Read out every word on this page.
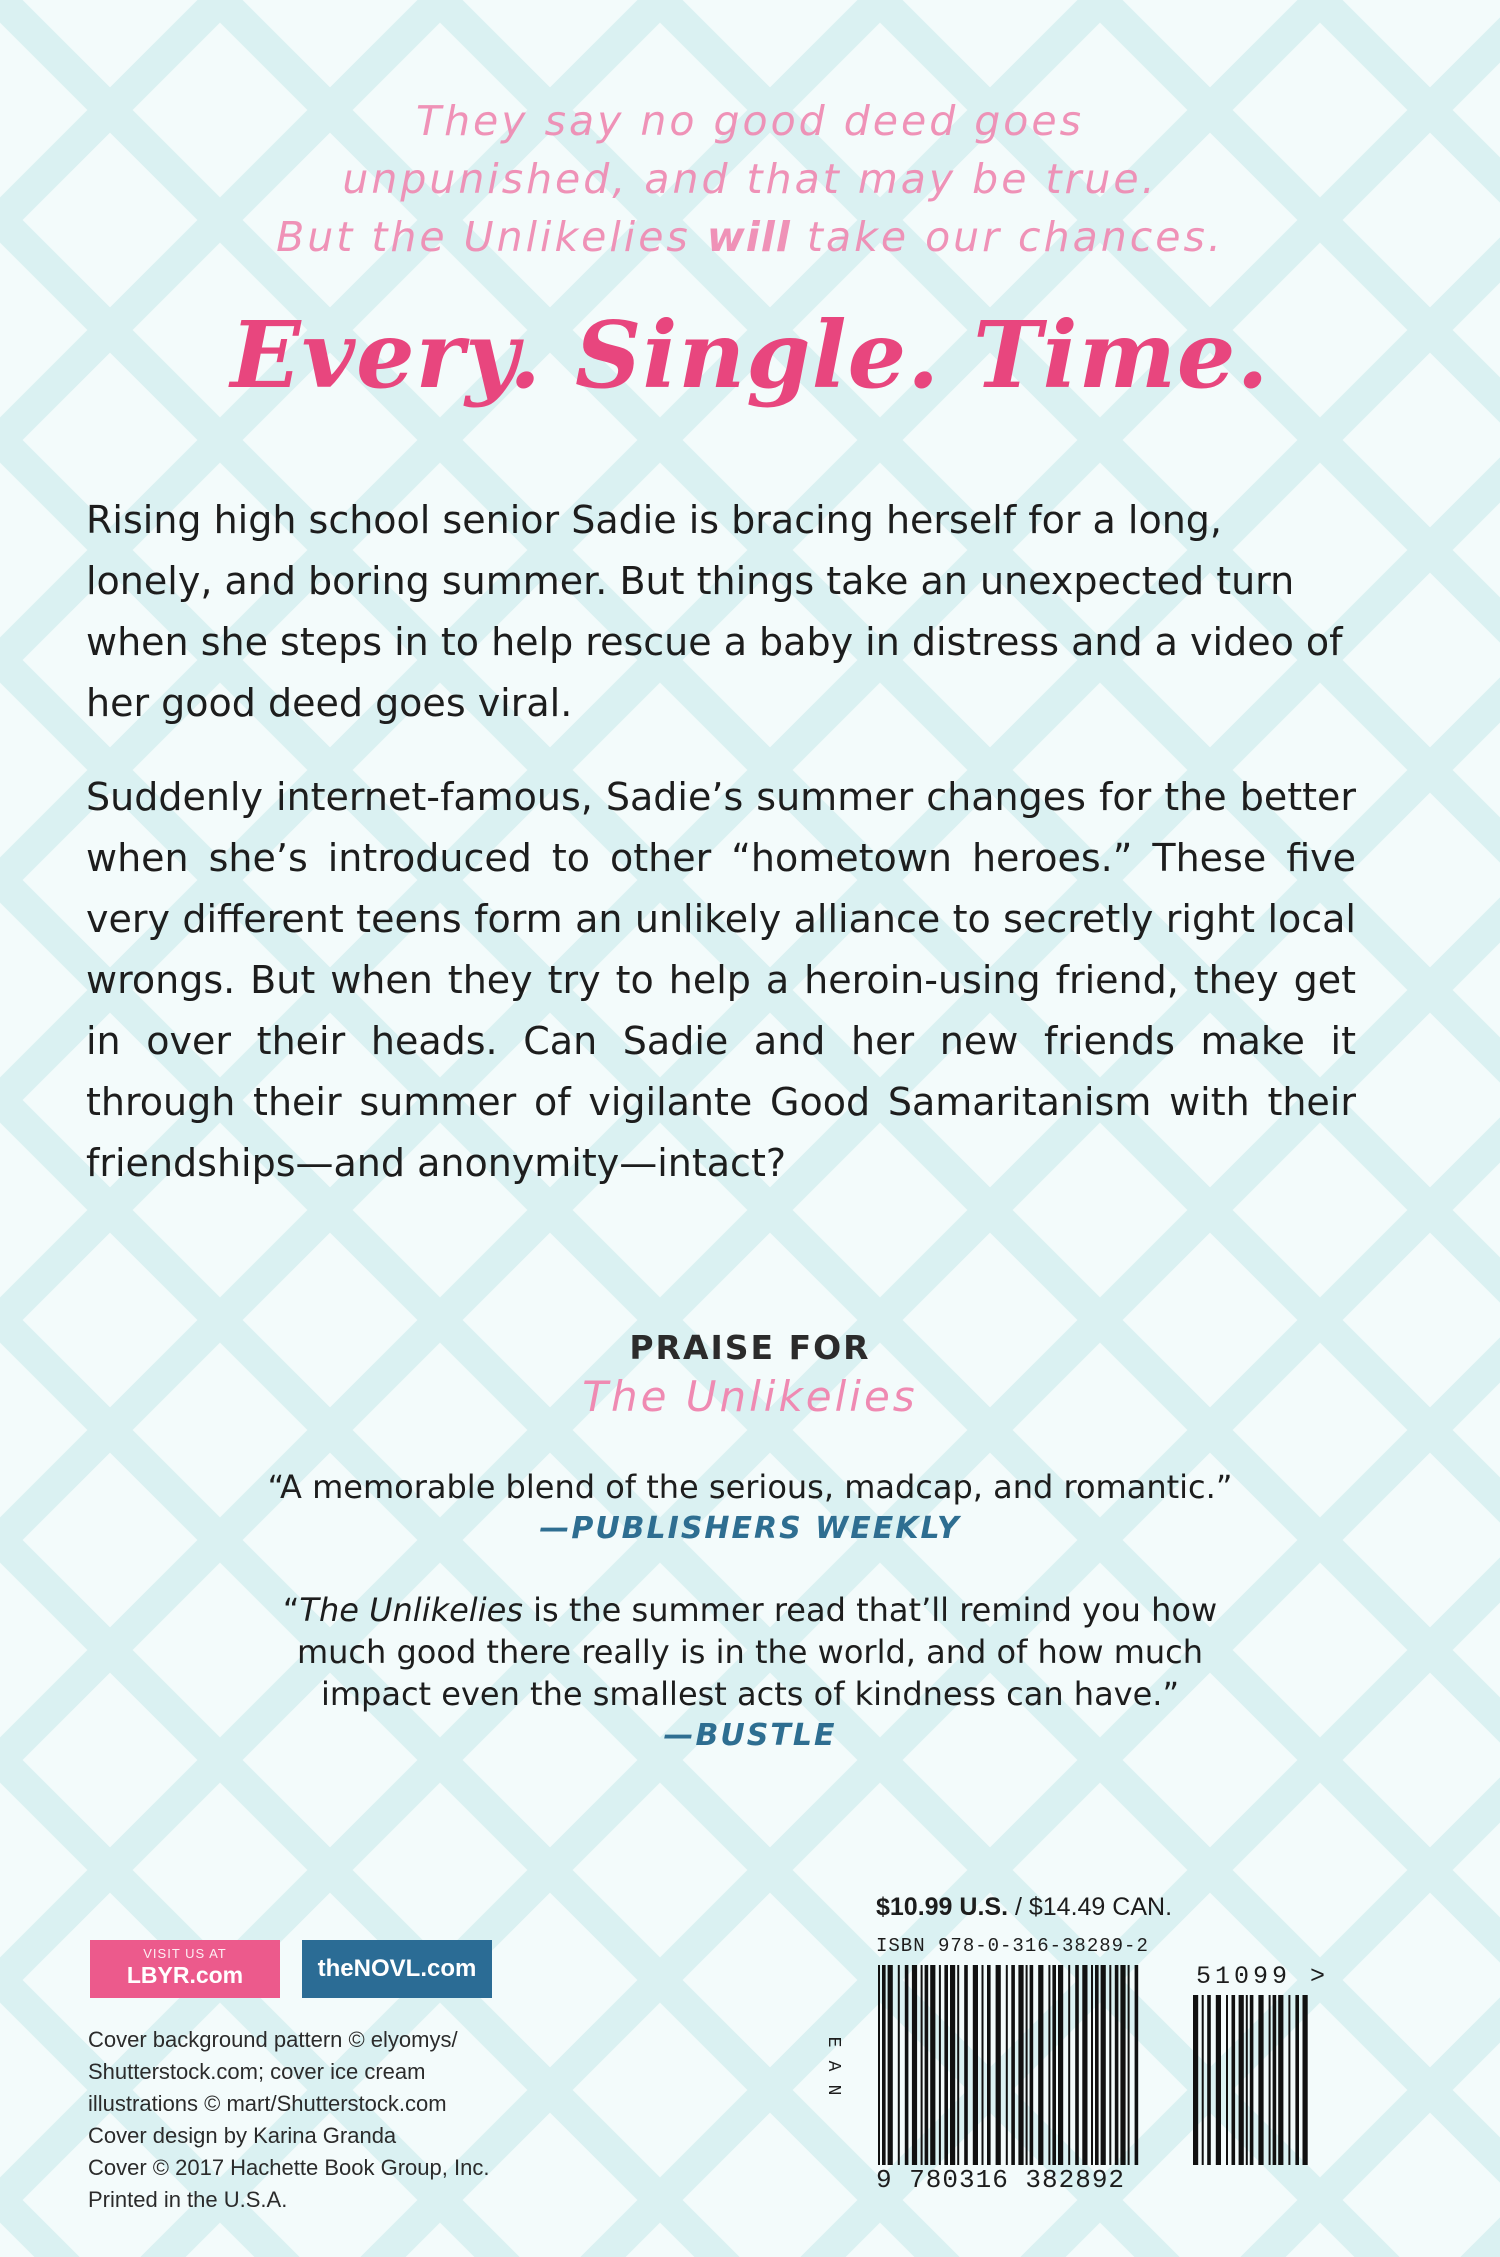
They say no good deed goes
unpunished, and that may be true.
But the Unlikelies will take our chances.
Every. Single. Time.

Rising high school senior Sadie is bracing herself for a long, lonely, and boring summer. But things take an unexpected turn when she steps in to help rescue a baby in distress and a video of her good deed goes viral.

Suddenly internet-famous, Sadie’s summer changes for the better when she’s introduced to other “hometown heroes.” These five very different teens form an unlikely alliance to secretly right local wrongs. But when they try to help a heroin-using friend, they get in over their heads. Can Sadie and her new friends make it through their summer of vigilante Good Samaritanism with their friendships—and anonymity—intact?

PRAISE FOR
The Unlikelies
“A memorable blend of the serious, madcap, and romantic.”
—PUBLISHERS WEEKLY
“The Unlikelies is the summer read that’ll remind you how
much good there really is in the world, and of how much
impact even the smallest acts of kindness can have.”
—BUSTLE
VISIT US AT
LBYR.com	theNOVL.com
Cover background pattern © elyomys/
Shutterstock.com; cover ice cream
illustrations © mart/Shutterstock.com
Cover design by Karina Granda
Cover © 2017 Hachette Book Group, Inc.
Printed in the U.S.A.
$10.99 U.S. / $14.49 CAN.
ISBN 978-0-316-38289-2
E
A
N
9 780316 382892
51099 >
